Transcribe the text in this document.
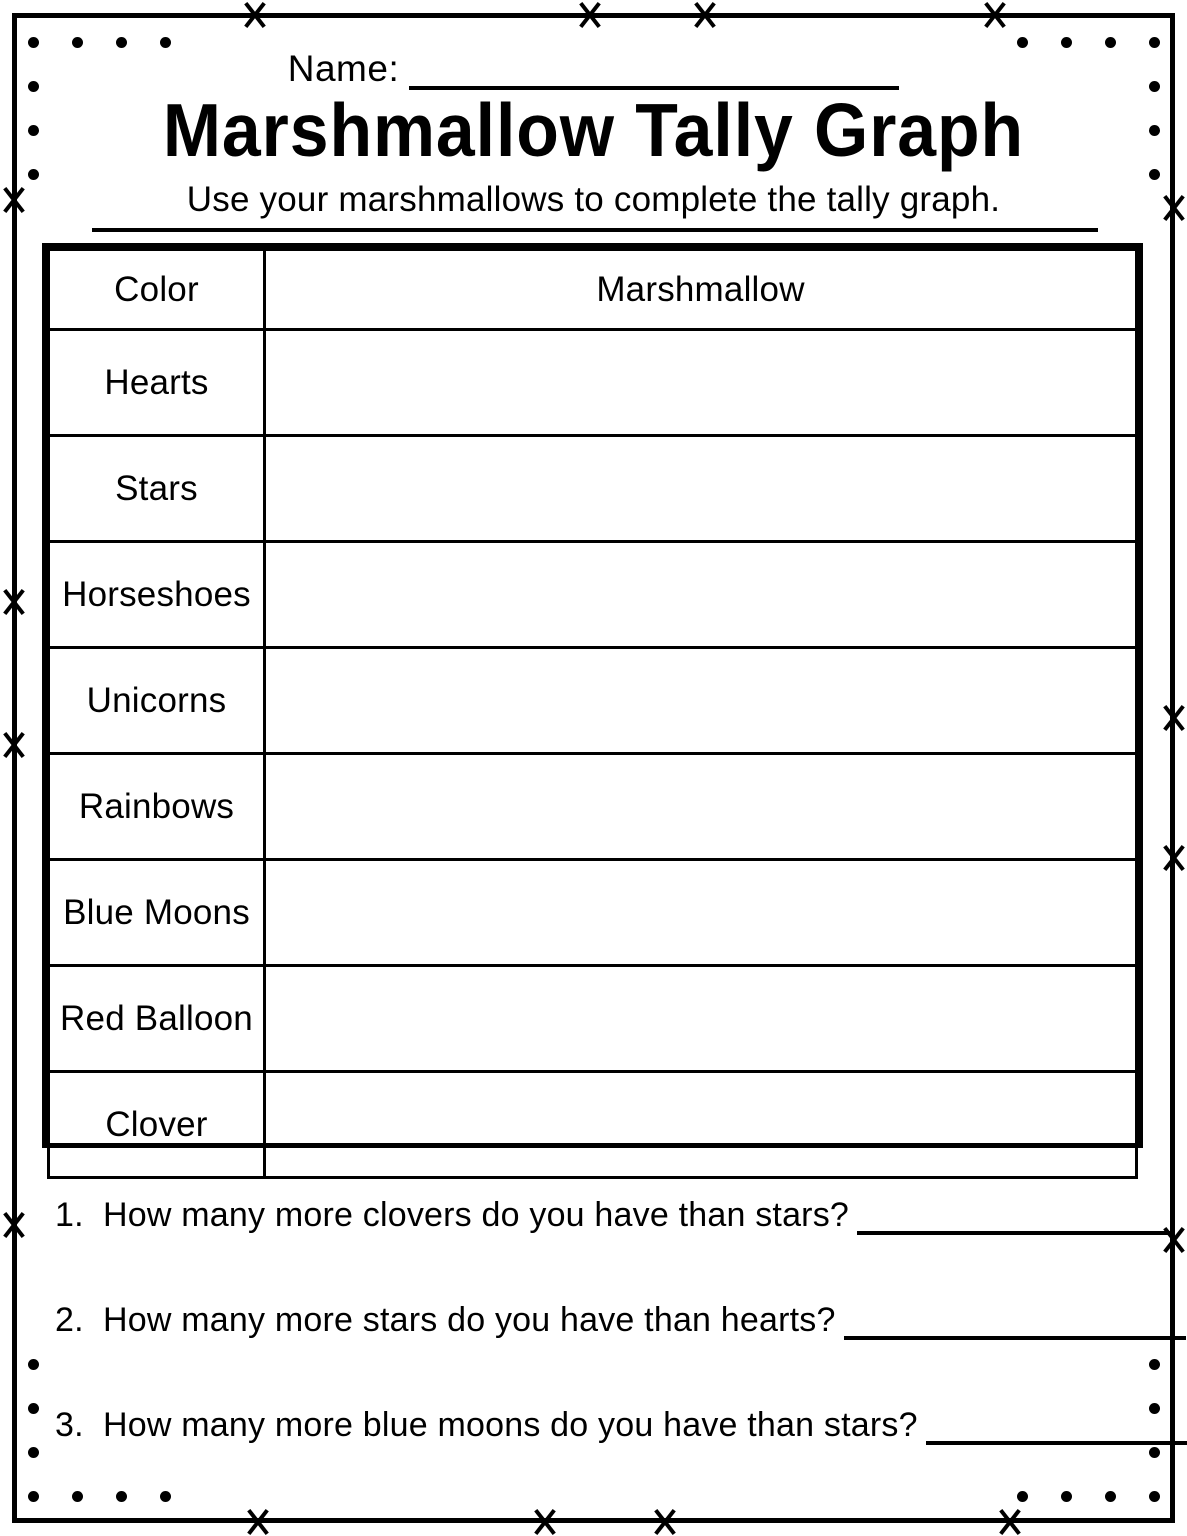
Name:
Marshmallow Tally Graph
Use your marshmallows to complete the tally graph.
Color	Marshmallow
Hearts	
Stars	
Horseshoes	
Unicorns	
Rainbows	
Blue Moons	
Red Balloon	
Clover	
1. How many more clovers do you have than stars?
2. How many more stars do you have than hearts?
3. How many more blue moons do you have than stars?
